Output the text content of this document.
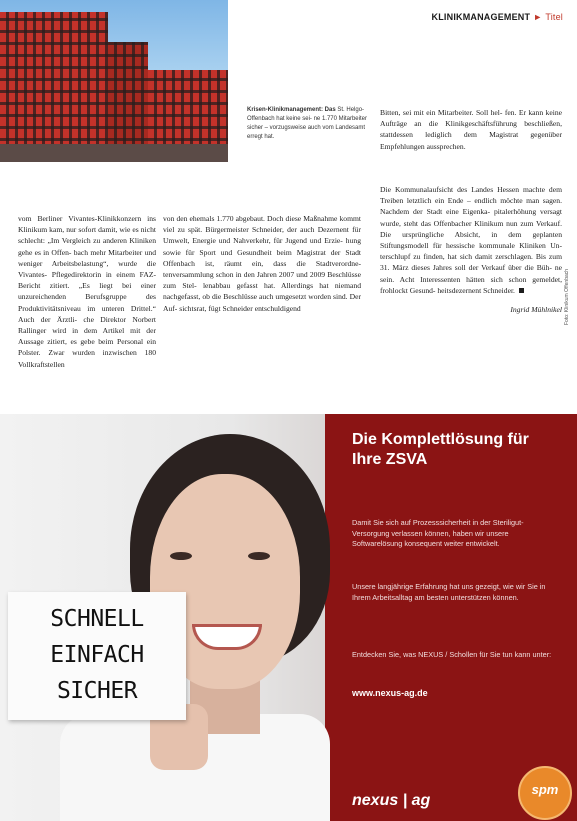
KLINIKMANAGEMENT ► Titel
Krisen-Klinikmanagement: Das St. Helgo-Offenbach hat keine sei- ne 1.770 Mitarbeiter sicher – vorzugsweise auch vom Landesamt erregt hat.

Bitten, sei mit ein Mitarbeiter. Soll hel- fen. Er kann keine Aufträge an die Klinikgeschäftsführung beschließen, stattdessen lediglich dem Magistrat gegenüber Empfehlungen aussprechen.

vom Berliner Vivantes-Klinikkonzern ins Klinikum kam, nur sofort damit, wie es nicht schlecht: „Im Vergleich zu anderen Kliniken gehe es in Offen- bach mehr Mitarbeiter und weniger Arbeitsbelastung“, wurde die Vivantes- Pflegedirektorin in einem FAZ-Bericht zitiert. „Es liegt bei einer unzureichenden Berufsgruppe des Produktivitätsniveau im unteren Drittel.“ Auch der Ärztli- che Direktor Norbert Rallinger wird in dem Artikel mit der Aussage zitiert, es gebe beim Personal ein Polster. Zwar wurden inzwischen 180 Vollkraftstellen

von den ehemals 1.770 abgebaut. Doch diese Maßnahme kommt viel zu spät. Bürgermeister Schneider, der auch Dezernent für Umwelt, Energie und Nahverkehr, für Jugend und Erzie- hung sowie für Sport und Gesundheit beim Magistrat der Stadt Offenbach ist, räumt ein, dass die Stadtverordne- tenversammlung schon in den Jahren 2007 und 2009 Beschlüsse zum Stel- lenabbau gefasst hat. Allerdings hat niemand nachgefasst, ob die Beschlüsse auch umgesetzt worden sind. Der Auf- sichtsrat, fügt Schneider entschuldigend

Die Kommunalaufsicht des Landes Hessen machte dem Treiben letztlich ein Ende – endlich möchte man sagen. Nachdem der Stadt eine Eigenka- pitalerhöhung versagt wurde, steht das Offenbacher Klinikum nun zum Verkauf. Die ursprüngliche Absicht, in dem geplanten Stiftungsmodell für hessische kommunale Kliniken Un- terschlupf zu finden, hat sich damit zerschlagen. Bis zum 31. März dieses Jahres soll der Verkauf über die Büh- ne sein. Acht Interessenten hätten sich schon gemeldet, frohlockt Gesund- heitsdezernent Schneider.

Ingrid Mühlnikel Foto: Klinikum Offenbach
SCHNELL
EINFACH
SICHER
Die Komplettlösung für Ihre ZSVA
Damit Sie sich auf Prozesssicherheit in der Steriligut-Versorgung verlassen können, haben wir unsere Softwarelösung konsequent weiter entwickelt.
Unsere langjährige Erfahrung hat uns gezeigt, wie wir Sie in Ihrem Arbeitsalltag am besten unterstützen können.
Entdecken Sie, was NEXUS / Schollen für Sie tun kann unter:
www.nexus-ag.de
nexus | ag
spm
